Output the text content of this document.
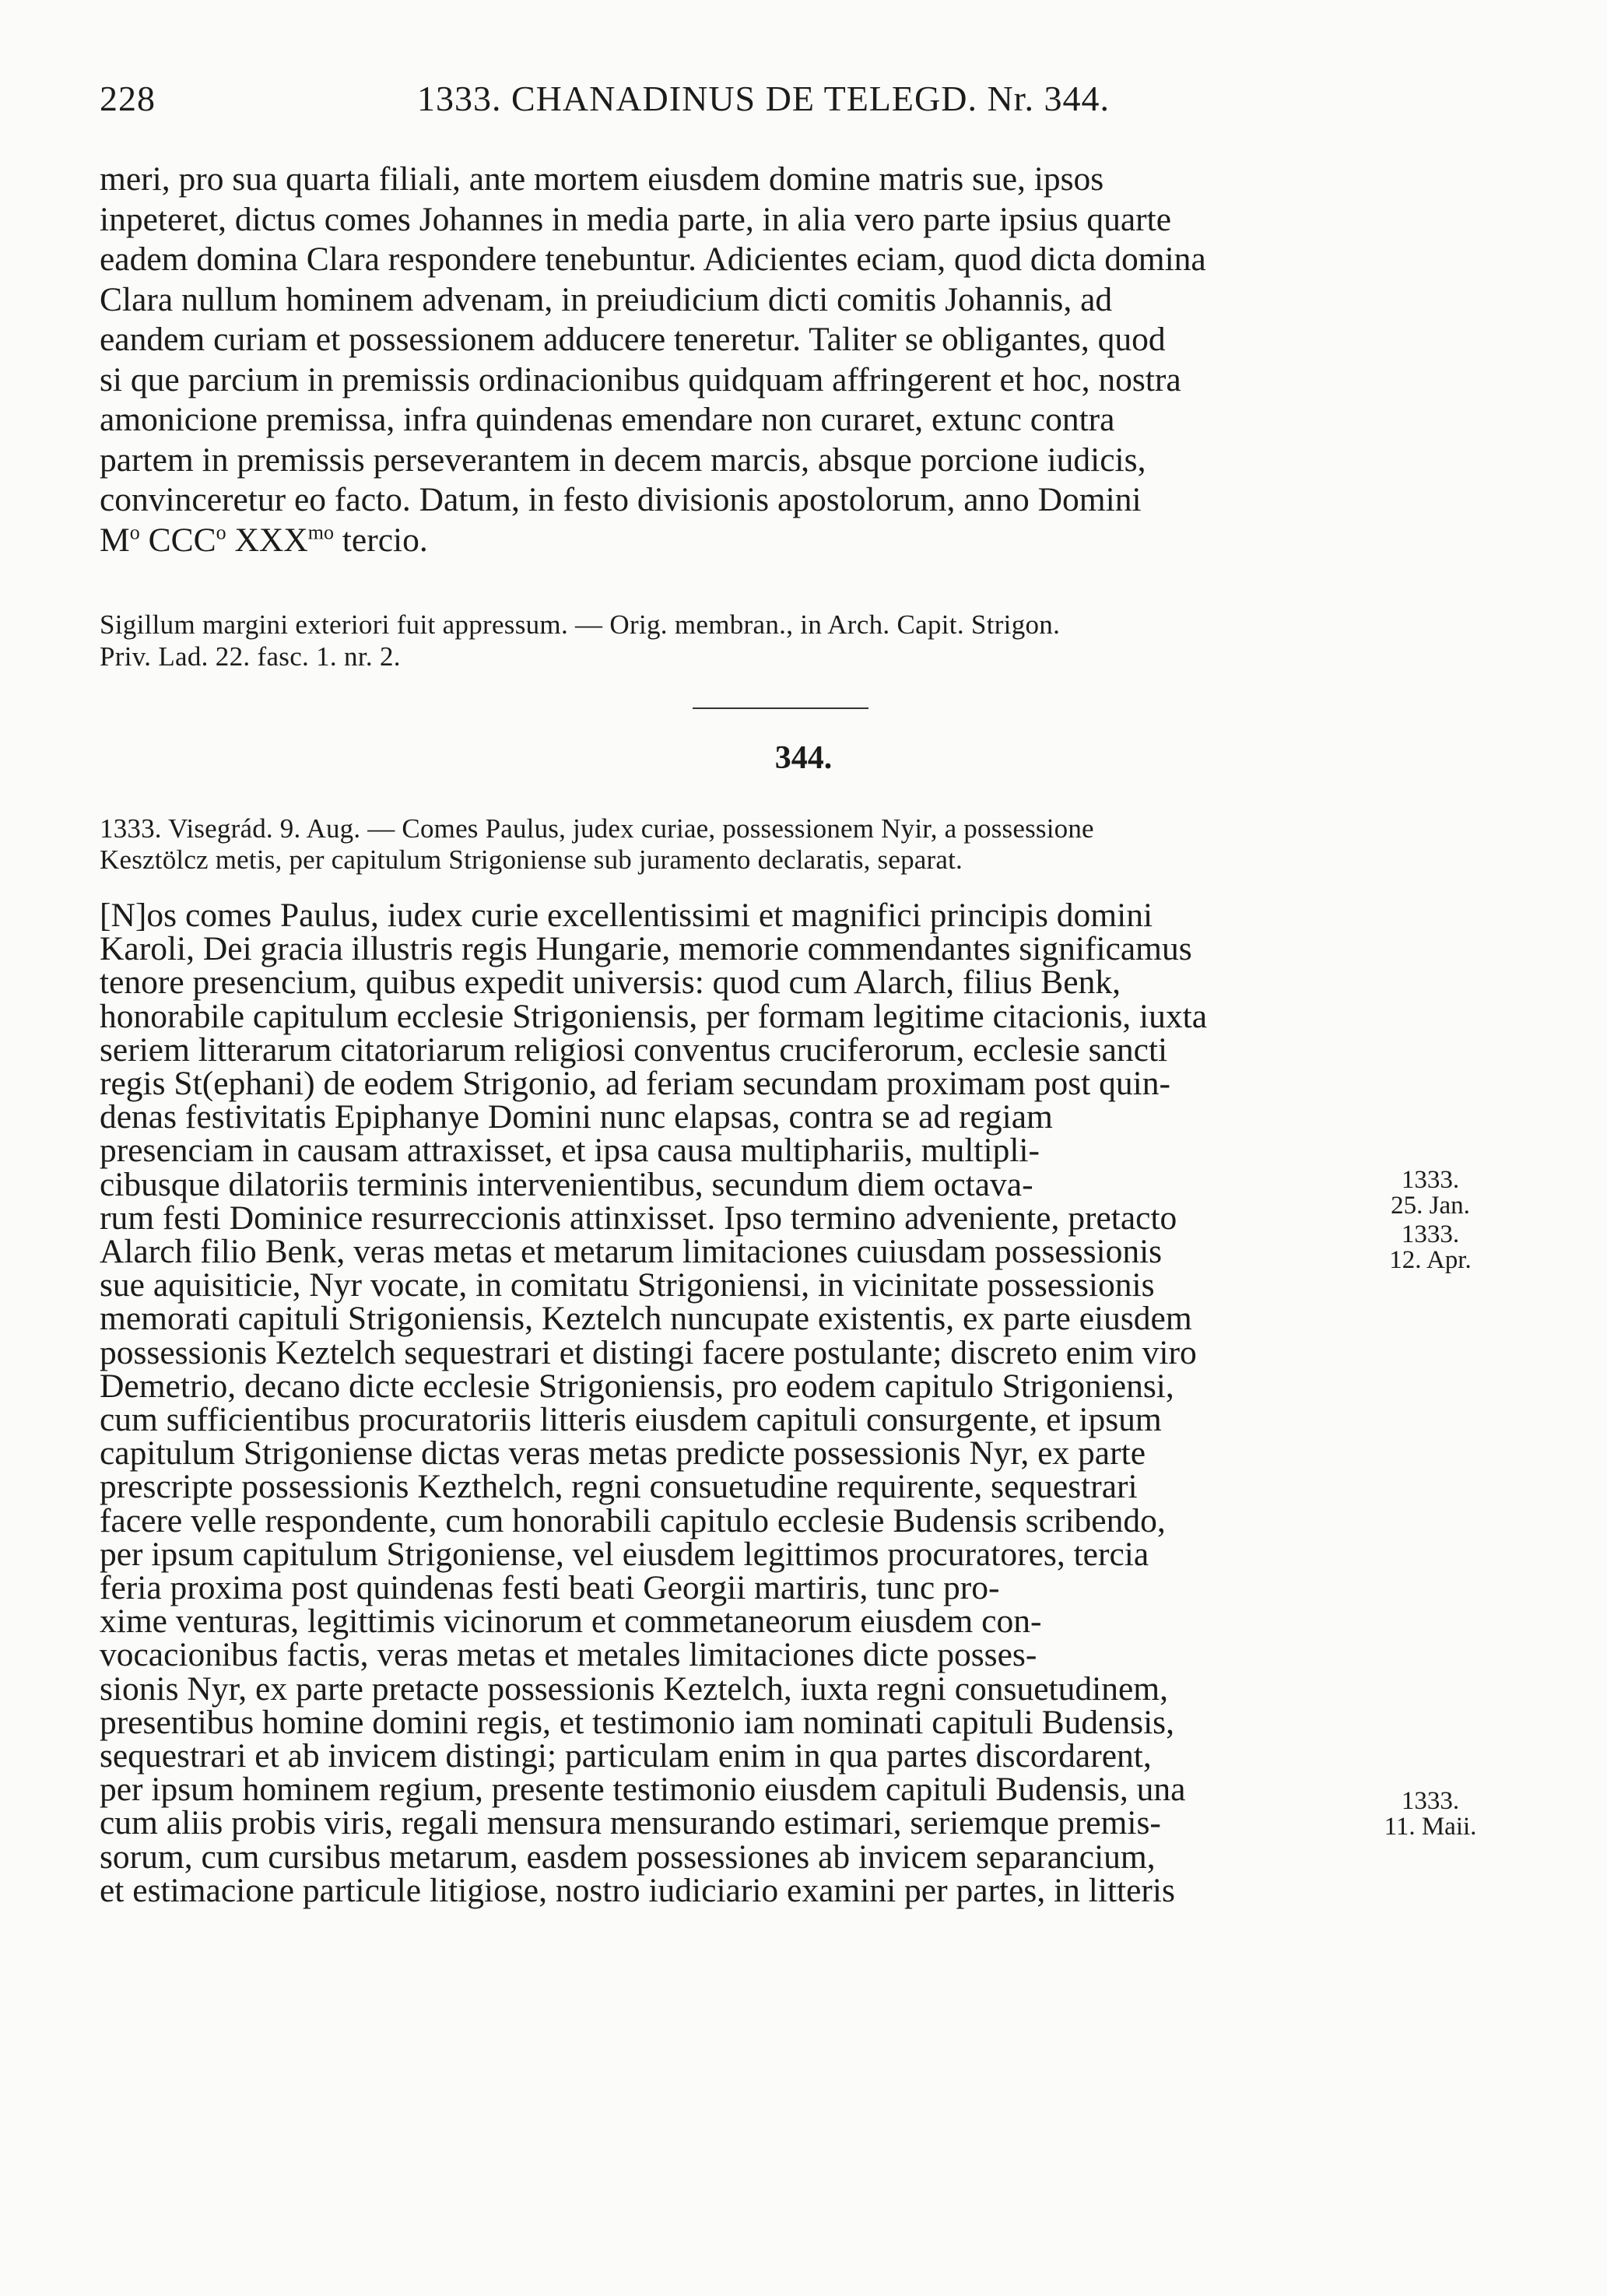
228	1333. CHANADINUS DE TELEGD. Nr. 344.
meri, pro sua quarta filiali, ante mortem eiusdem domine matris sue, ipsos
inpeteret, dictus comes Johannes in media parte, in alia vero parte ipsius quarte
eadem domina Clara respondere tenebuntur. Adicientes eciam, quod dicta domina
Clara nullum hominem advenam, in preiudicium dicti comitis Johannis, ad
eandem curiam et possessionem adducere teneretur. Taliter se obligantes, quod
si que parcium in premissis ordinacionibus quidquam affringerent et hoc, nostra
amonicione premissa, infra quindenas emendare non curaret, extunc contra
partem in premissis perseverantem in decem marcis, absque porcione iudicis,
convinceretur eo facto. Datum, in festo divisionis apostolorum, anno Domini
$M^o$ CCC$^o$ $XXX^{mo}$ tercio.
Sigillum margini exteriori fuit appressum. — Orig. membran., in Arch. Capit. Strigon.
Priv. Lad. 22. fasc. 1. nr. 2.
344.
1333. Visegrád. 9. Aug. — Comes Paulus, judex curiae, possessionem Nyir, a possessione
Kesztölcz metis, per capitulum Strigoniense sub juramento declaratis, separat.
[N]os comes Paulus, iudex curie excellentissimi et magnifici principis domini
Karoli, Dei gracia illustris regis Hungarie, memorie commendantes significamus
tenore presencium, quibus expedit universis: quod cum Alarch, filius Benk,
honorabile capitulum ecclesie Strigoniensis, per formam legitime citacionis, iuxta
seriem litterarum citatoriarum religiosi conventus cruciferorum, ecclesie sancti
regis St(ephani) de eodem Strigonio, ad feriam secundam proximam post quin-
denas festivitatis Epiphanye Domini nunc elapsas, contra se ad regiam
presenciam in causam attraxisset, et ipsa causa multiphariis, multipli-
cibusque dilatoriis terminis intervenientibus, secundum diem octava-
rum festi Dominice resurreccionis attinxisset. Ipso termino adveniente, pretacto
Alarch filio Benk, veras metas et metarum limitaciones cuiusdam possessionis
sue aquisiticie, Nyr vocate, in comitatu Strigoniensi, in vicinitate possessionis
memorati capituli Strigoniensis, Keztelch nuncupate existentis, ex parte eiusdem
possessionis Keztelch sequestrari et distingi facere postulante; discreto enim viro
Demetrio, decano dicte ecclesie Strigoniensis, pro eodem capitulo Strigoniensi,
cum sufficientibus procuratoriis litteris eiusdem capituli consurgente, et ipsum
capitulum Strigoniense dictas veras metas predicte possessionis Nyr, ex parte
prescripte possessionis Kezthelch, regni consuetudine requirente, sequestrari
facere velle respondente, cum honorabili capitulo ecclesie Budensis scribendo,
per ipsum capitulum Strigoniense, vel eiusdem legittimos procuratores, tercia
feria proxima post quindenas festi beati Georgii martiris, tunc pro-
xime venturas, legittimis vicinorum et commetaneorum eiusdem con-
vocacionibus factis, veras metas et metales limitaciones dicte posses-
sionis Nyr, ex parte pretacte possessionis Keztelch, iuxta regni consuetudinem,
presentibus homine domini regis, et testimonio iam nominati capituli Budensis,
sequestrari et ab invicem distingi; particulam enim in qua partes discordarent,
per ipsum hominem regium, presente testimonio eiusdem capituli Budensis, una
cum aliis probis viris, regali mensura mensurando estimari, seriemque premis-
sorum, cum cursibus metarum, easdem possessiones ab invicem separancium,
et estimacione particule litigiose, nostro iudiciario examini per partes, in litteris
1333.
25. Jan.
1333.
12. Apr.
1333.
11. Maii.
